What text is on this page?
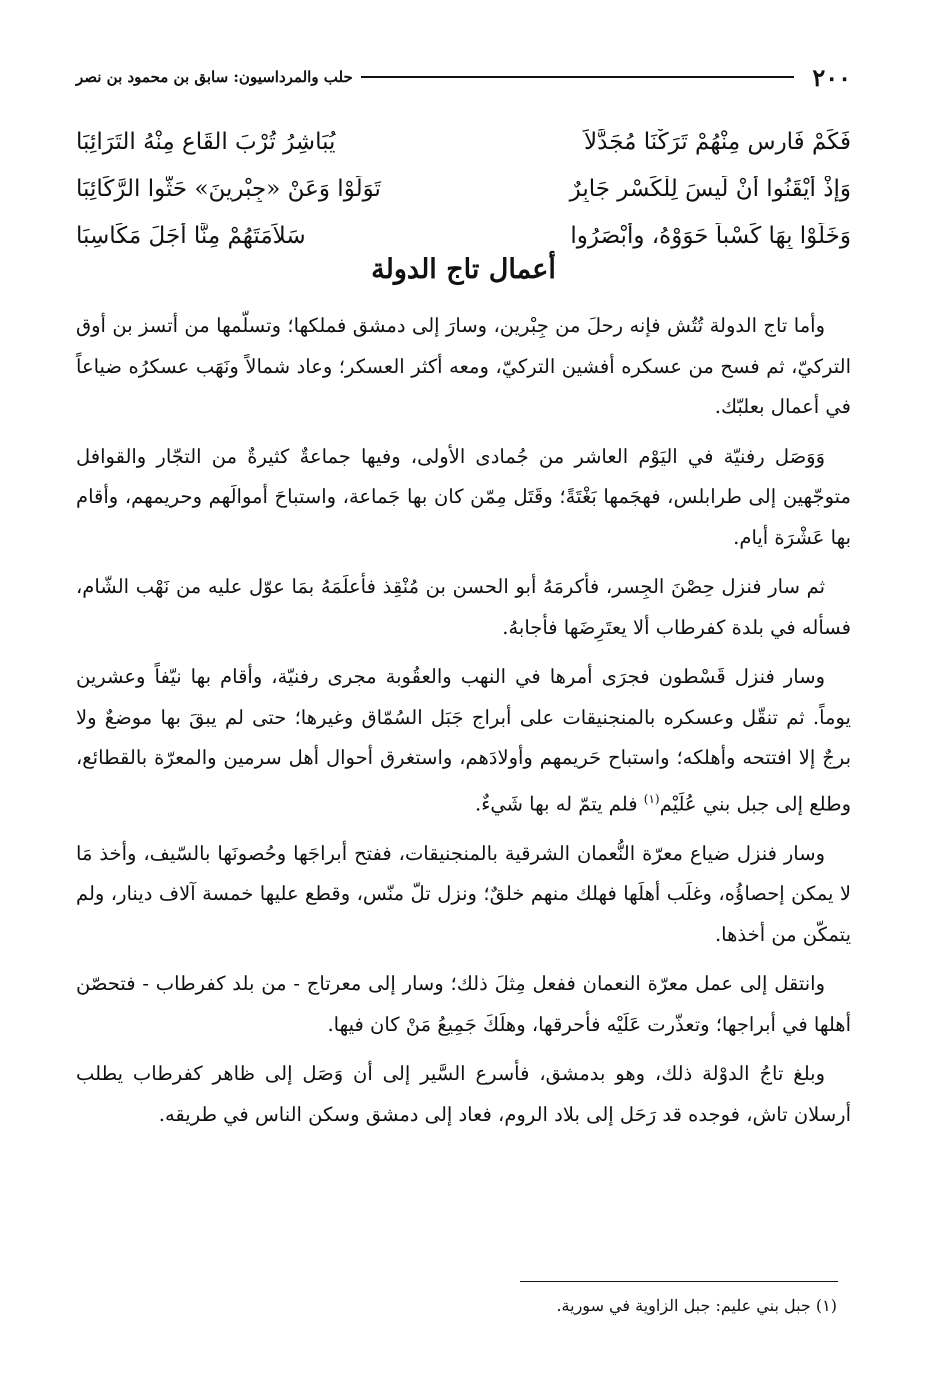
٢٠٠
حلب والمرداسيون: سابق بن محمود بن نصر
فَكَمْ فَارِسٍ مِنْهُمْ تَرَكْنَا مُجَدَّلاً
يُبَاشِرُ تُرْبَ القَاعِ مِنْهُ التَرَائِبَا
وَإِذْ أَيْقَنُوا أَنْ لَيسَ لِلْكَسْرِ جَابِرٌ
تَوَلَوْا وَعَنْ «جِبْرِينَ» حَثُّوا الرَّكَائِبَا
وَخَلَوْا بِهَا كَسْباً حَوَوْهُ، وأَبْصَرُوا
سَلاَمَتَهُمْ مِنَّا أَجَلَ مَكَاسِبَا
أعمال تاج الدولة

وأما تاج الدولة تُتُش فإنه رحلَ من جِبْرين، وسارَ إلى دمشق فملكها؛ وتسلّمها من أتسز بن أوق التركيّ، ثم فسح من عسكره أفشين التركيّ، ومعه أكثر العسكر؛ وعاد شمالاً ونَهَب عسكرُه ضياعاً في أعمال بعلبّك.

وَوَصَل رفنيّة في اليَوْم العاشر من جُمادى الأولى، وفيها جماعةٌ كثيرةٌ من التجّار والقوافل متوجّهين إلى طرابلس، فهجَمها بَغْتَةً؛ وقَتَل مِمّن كان بها جَماعة، واستباحَ أموالَهم وحريمهم، وأقام بها عَشْرَة أيام.

ثم سار فنزل حِصْنَ الجِسر، فأكرمَهُ أبو الحسن بن مُنْقِذ فأعلَمَهُ بمَا عوّل عليه من نَهْب الشّام، فسأله في بلدة كفرطاب ألا يعتَرِضَها فأجابهُ.

وسار فنزل قَسْطون فجرَى أمرها في النهب والعقُوبة مجرى رفنيّة، وأقام بها نيّفاً وعشرين يوماً. ثم تنقّل وعسكره بالمنجنيقات على أبراج جَبَل السُمّاق وغيرها؛ حتى لم يبقَ بها موضعٌ ولا برجٌ إلا افتتحه وأهلكه؛ واستباح حَريمهم وأولادَهم، واستغرق أحوال أهل سرمين والمعرّة بالقطائع، وطلع إلى جبل بني عُلَيْم$^{(١)}$ فلم يتمّ له بها شَيءٌ.

وسار فنزل ضياع معرّة النُّعمان الشرقية بالمنجنيقات، ففتح أبراجَها وحُصونَها بالسّيف، وأخذ مَا لا يمكن إحصاؤُه، وغلَب أهلَها فهلك منهم خلقٌ؛ ونزل تلّ منّس، وقطع عليها خمسة آلاف دينار، ولم يتمكّن من أخذها.

وانتقل إلى عمل معرّة النعمان ففعل مِثلَ ذلك؛ وسار إلى معرتاج - من بلد كفرطاب - فتحصّن أهلها في أبراجها؛ وتعذّرت عَلَيْه فأحرقها، وهلَكَ جَمِيعُ مَنْ كان فيها.

وبلغ تاجُ الدوْلة ذلك، وهو بدمشق، فأسرع السَّير إلى أن وَصَل إلى ظاهر كفرطاب يطلب أرسلان تاش، فوجده قد رَحَل إلى بلاد الروم، فعاد إلى دمشق وسكن الناس في طريقه.

(١) جبل بني عليم: جبل الزاوية في سورية.
